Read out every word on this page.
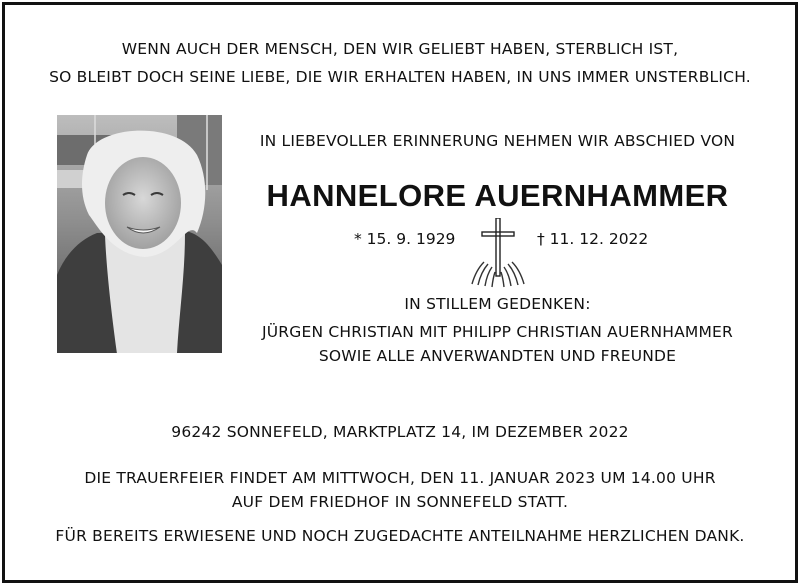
WENN AUCH DER MENSCH, DEN WIR GELIEBT HABEN, STERBLICH IST,
SO BLEIBT DOCH SEINE LIEBE, DIE WIR ERHALTEN HABEN, IN UNS IMMER UNSTERBLICH.
IN LIEBEVOLLER ERINNERUNG NEHMEN WIR ABSCHIED VON
HANNELORE AUERNHAMMER
* 15. 9. 1929	† 11. 12. 2022
IN STILLEM GEDENKEN:
JÜRGEN CHRISTIAN MIT PHILIPP CHRISTIAN AUERNHAMMER
SOWIE ALLE ANVERWANDTEN UND FREUNDE
96242 SONNEFELD, MARKTPLATZ 14, IM DEZEMBER 2022
DIE TRAUERFEIER FINDET AM MITTWOCH, DEN 11. JANUAR 2023 UM 14.00 UHR
AUF DEM FRIEDHOF IN SONNEFELD STATT.
FÜR BEREITS ERWIESENE UND NOCH ZUGEDACHTE ANTEILNAHME HERZLICHEN DANK.
